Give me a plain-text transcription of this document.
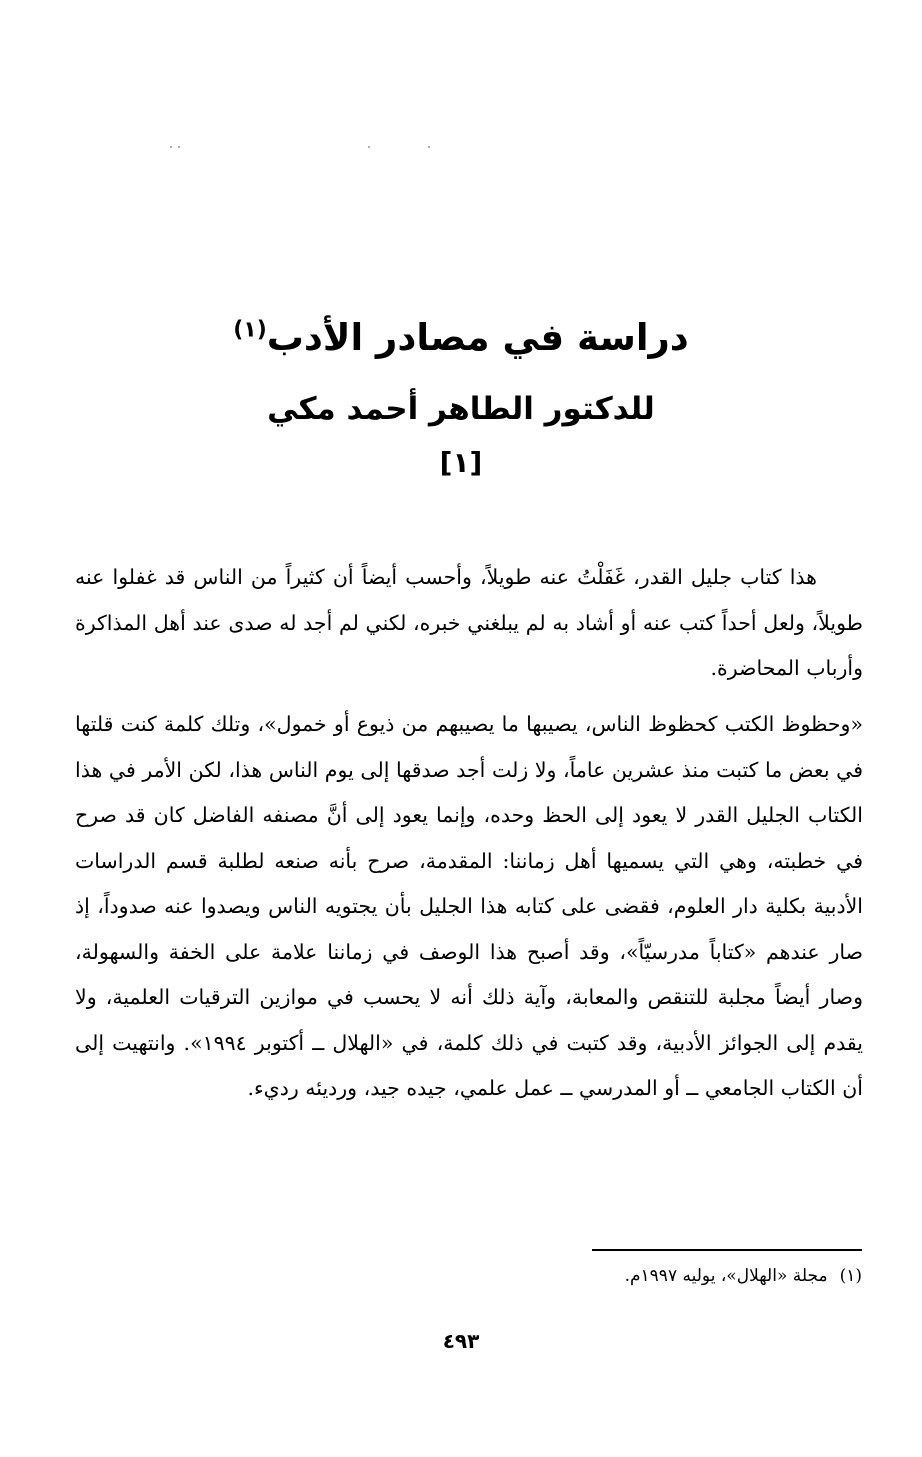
دراسة في مصادر الأدب$^{(١)}$
للدكتور الطاهر أحمد مكي
[١]

هذا كتاب جليل القدر، غَفَلْتُ عنه طويلاً، وأحسب أيضاً أن كثيراً من الناس قد غفلوا عنه طويلاً، ولعل أحداً كتب عنه أو أشاد به لم يبلغني خبره، لكني لم أجد له صدى عند أهل المذاكرة وأرباب المحاضرة.

«وحظوظ الكتب كحظوظ الناس، يصيبها ما يصيبهم من ذيوع أو خمول»، وتلك كلمة كنت قلتها في بعض ما كتبت منذ عشرين عاماً، ولا زلت أجد صدقها إلى يوم الناس هذا، لكن الأمر في هذا الكتاب الجليل القدر لا يعود إلى الحظ وحده، وإنما يعود إلى أنَّ مصنفه الفاضل كان قد صرح في خطبته، وهي التي يسميها أهل زماننا: المقدمة، صرح بأنه صنعه لطلبة قسم الدراسات الأدبية بكلية دار العلوم، فقضى على كتابه هذا الجليل بأن يجتويه الناس ويصدوا عنه صدوداً، إذ صار عندهم «كتاباً مدرسيّاً»، وقد أصبح هذا الوصف في زماننا علامة على الخفة والسهولة، وصار أيضاً مجلبة للتنقص والمعابة، وآية ذلك أنه لا يحسب في موازين الترقيات العلمية، ولا يقدم إلى الجوائز الأدبية، وقد كتبت في ذلك كلمة، في «الهلال ــ أكتوبر ١٩٩٤». وانتهيت إلى أن الكتاب الجامعي ــ أو المدرسي ــ عمل علمي، جيده جيد، ورديئه رديء.

(١)مجلة «الهلال»، يوليه ١٩٩٧م.
٤٩٣
